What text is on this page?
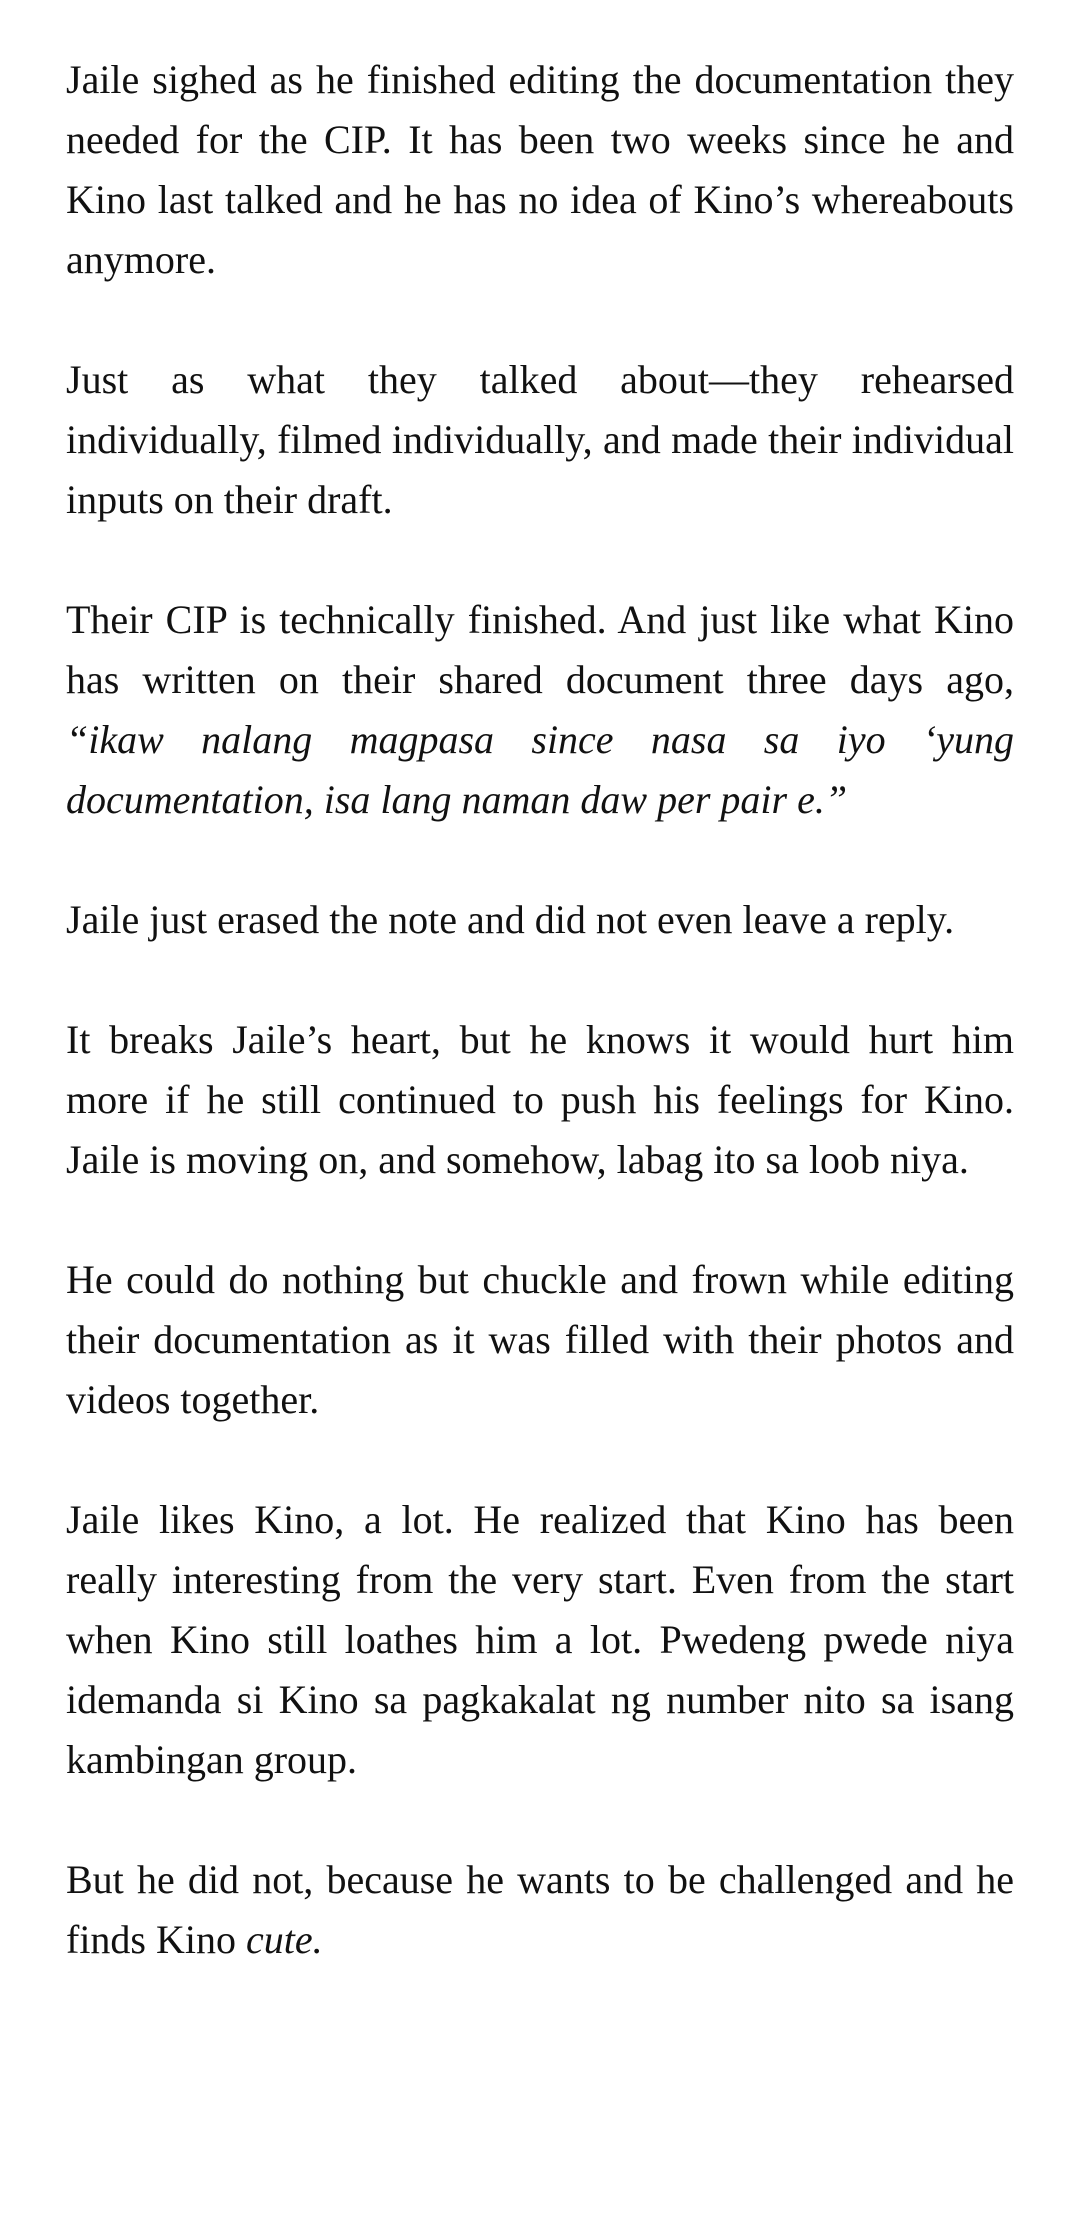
Jaile sighed as he finished editing the documentation they needed for the CIP. It has been two weeks since he and Kino last talked and he has no idea of Kino’s whereabouts anymore.

Just as what they talked about—they rehearsed individually, filmed individually, and made their individual inputs on their draft.

Their CIP is technically finished. And just like what Kino has written on their shared document three days ago, “ikaw nalang magpasa since nasa sa iyo ‘yung documentation, isa lang naman daw per pair e.”

Jaile just erased the note and did not even leave a reply.

It breaks Jaile’s heart, but he knows it would hurt him more if he still continued to push his feelings for Kino. Jaile is moving on, and somehow, labag ito sa loob niya.

He could do nothing but chuckle and frown while editing their documentation as it was filled with their photos and videos together.

Jaile likes Kino, a lot. He realized that Kino has been really interesting from the very start. Even from the start when Kino still loathes him a lot. Pwedeng pwede niya idemanda si Kino sa pagkakalat ng number nito sa isang kambingan group.

But he did not, because he wants to be challenged and he finds Kino cute.
